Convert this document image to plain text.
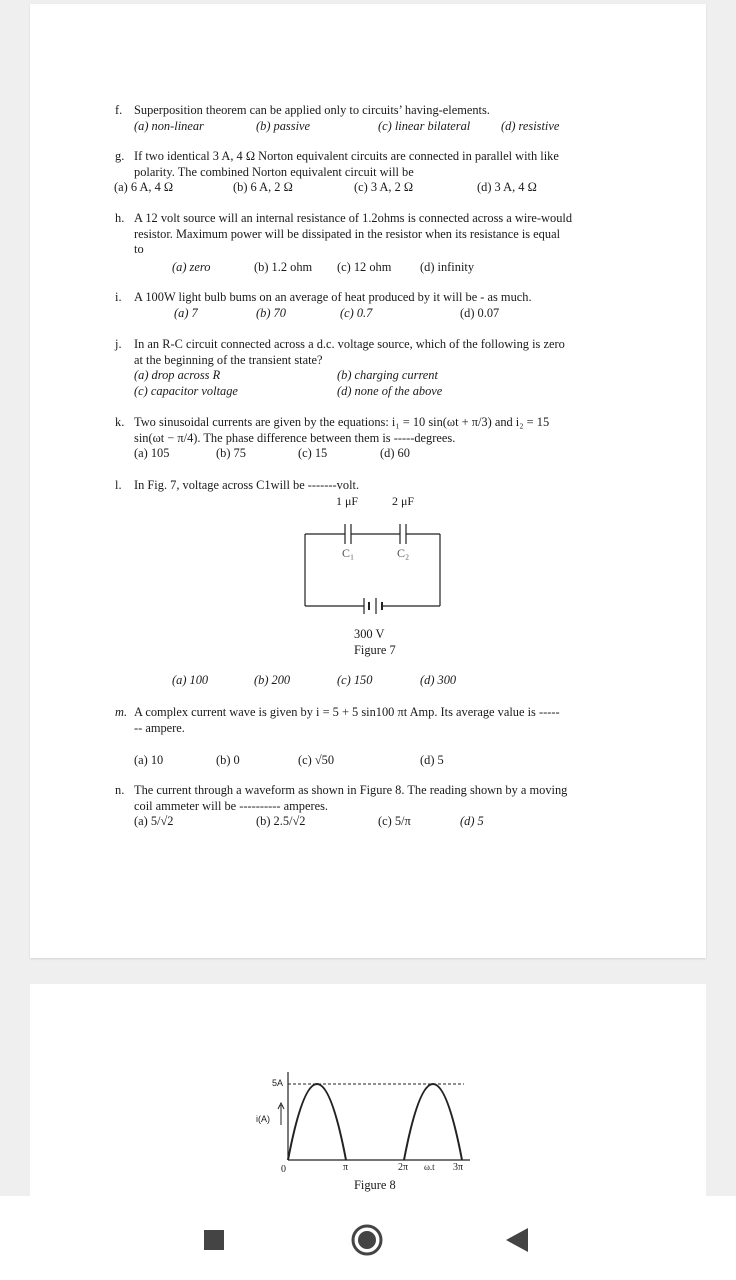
f. Superposition theorem can be applied only to circuits’ having-elements.
(a) non-linear	(b) passive	(c) linear bilateral (d) resistive
g. If two identical 3 A, 4 Ω Norton equivalent circuits are connected in parallel with like
polarity. The combined Norton equivalent circuit will be
(a) 6 A, 4 Ω	(b) 6 A, 2 Ω	(c) 3 A, 2 Ω	(d) 3 A, 4 Ω
h. A 12 volt source will an internal resistance of 1.2ohms is connected across a wire-would
resistor. Maximum power will be dissipated in the resistor when its resistance is equal
to
(a) zero	(b) 1.2 ohm (c) 12 ohm (d) infinity
i. A 100W light bulb bums on an average of heat produced by it will be - as much.
(a) 7	(b) 70	(c) 0.7	(d) 0.07
j. In an R-C circuit connected across a d.c. voltage source, which of the following is zero
at the beginning of the transient state?
(a) drop across R	(b) charging current
(c) capacitor voltage	(d) none of the above
k. Two sinusoidal currents are given by the equations: i₁ = 10 sin(ωt + π/3) and i₂ = 15
sin(ωt − π/4). The phase difference between them is -----degrees.
(a) 105	(b) 75	(c) 15	(d) 60
l. In Fig. 7, voltage across C1will be -------volt.
1 μF	2 μF
C₁	C₂
300 V
Figure 7
(a) 100	(b) 200	(c) 150	(d) 300
m. A complex current wave is given by i = 5 + 5 sin100 πt Amp. Its average value is -----
-- ampere.
(a) 10	(b) 0	(c) √50	(d) 5
n. The current through a waveform as shown in Figure 8. The reading shown by a moving
coil ammeter will be ---------- amperes.
(a) 5/√2	(b) 2.5/√2	(c) 5/π	(d) 5
5A
i(A)
0	π	2π ω.t 3π
Figure 8
